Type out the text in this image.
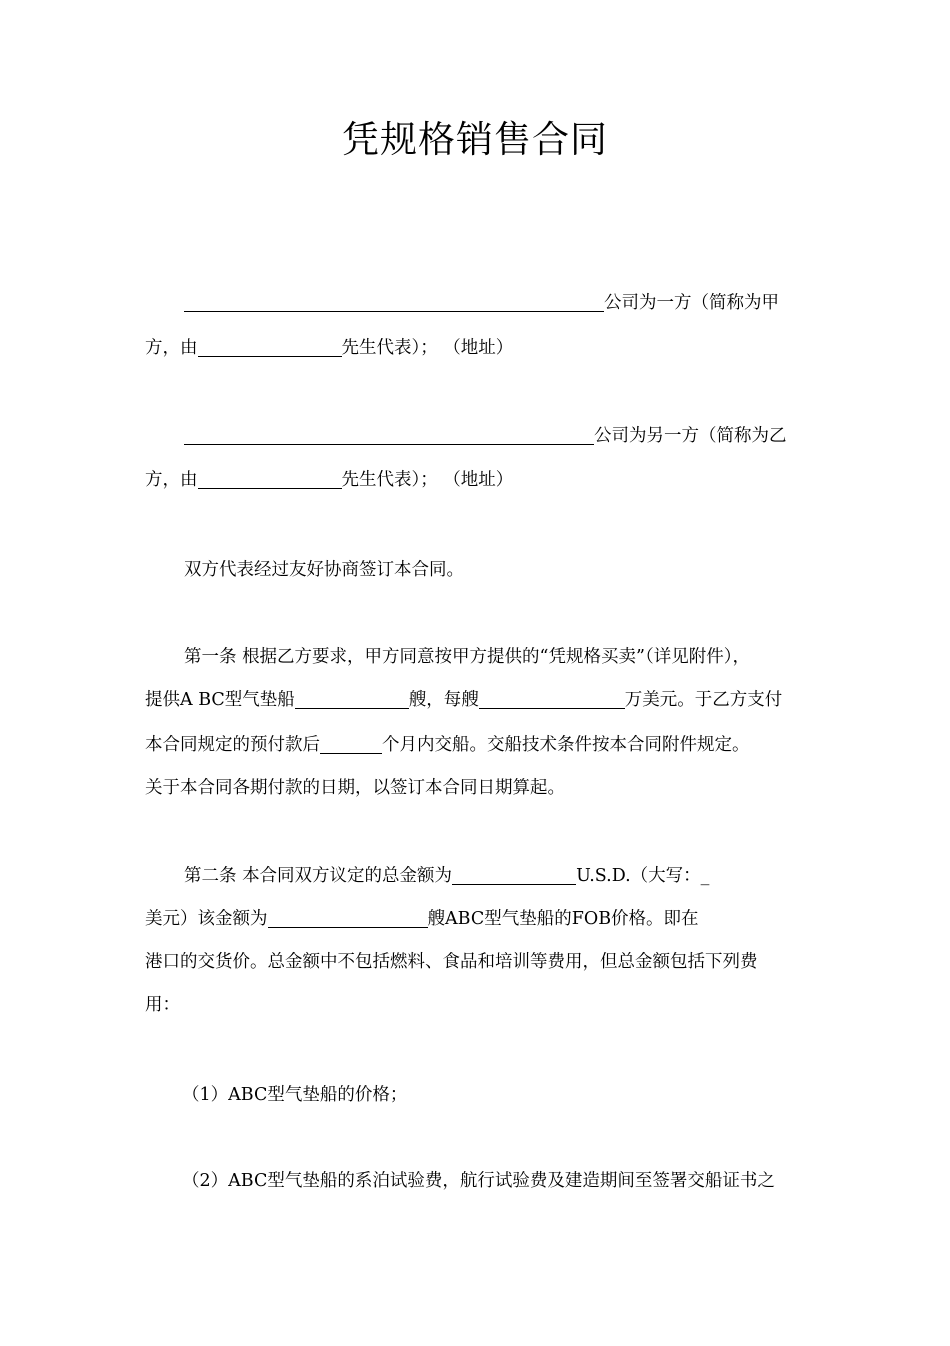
凭规格销售合同
公司为一方（简称为甲
方，由	先生代表）； （地址）
公司为另一方（简称为乙
方，由	先生代表）； （地址）
双方代表经过友好协商签订本合同。
第一条 根据乙方要求，甲方同意按甲方提供的“凭规格买卖”（详见附件），
提供A BC型气垫船	艘，每艘	万美元。于乙方支付
本合同规定的预付款后	个月内交船。交船技术条件按本合同附件规定。
关于本合同各期付款的日期，以签订本合同日期算起。
第二条 本合同双方议定的总金额为	U.S.D.（大写：_
美元）该金额为	艘ABC型气垫船的FOB价格。即在
港口的交货价。总金额中不包括燃料、食品和培训等费用，但总金额包括下列费
用：
（1）ABC型气垫船的价格；
（2）ABC型气垫船的系泊试验费，航行试验费及建造期间至签署交船证书之
